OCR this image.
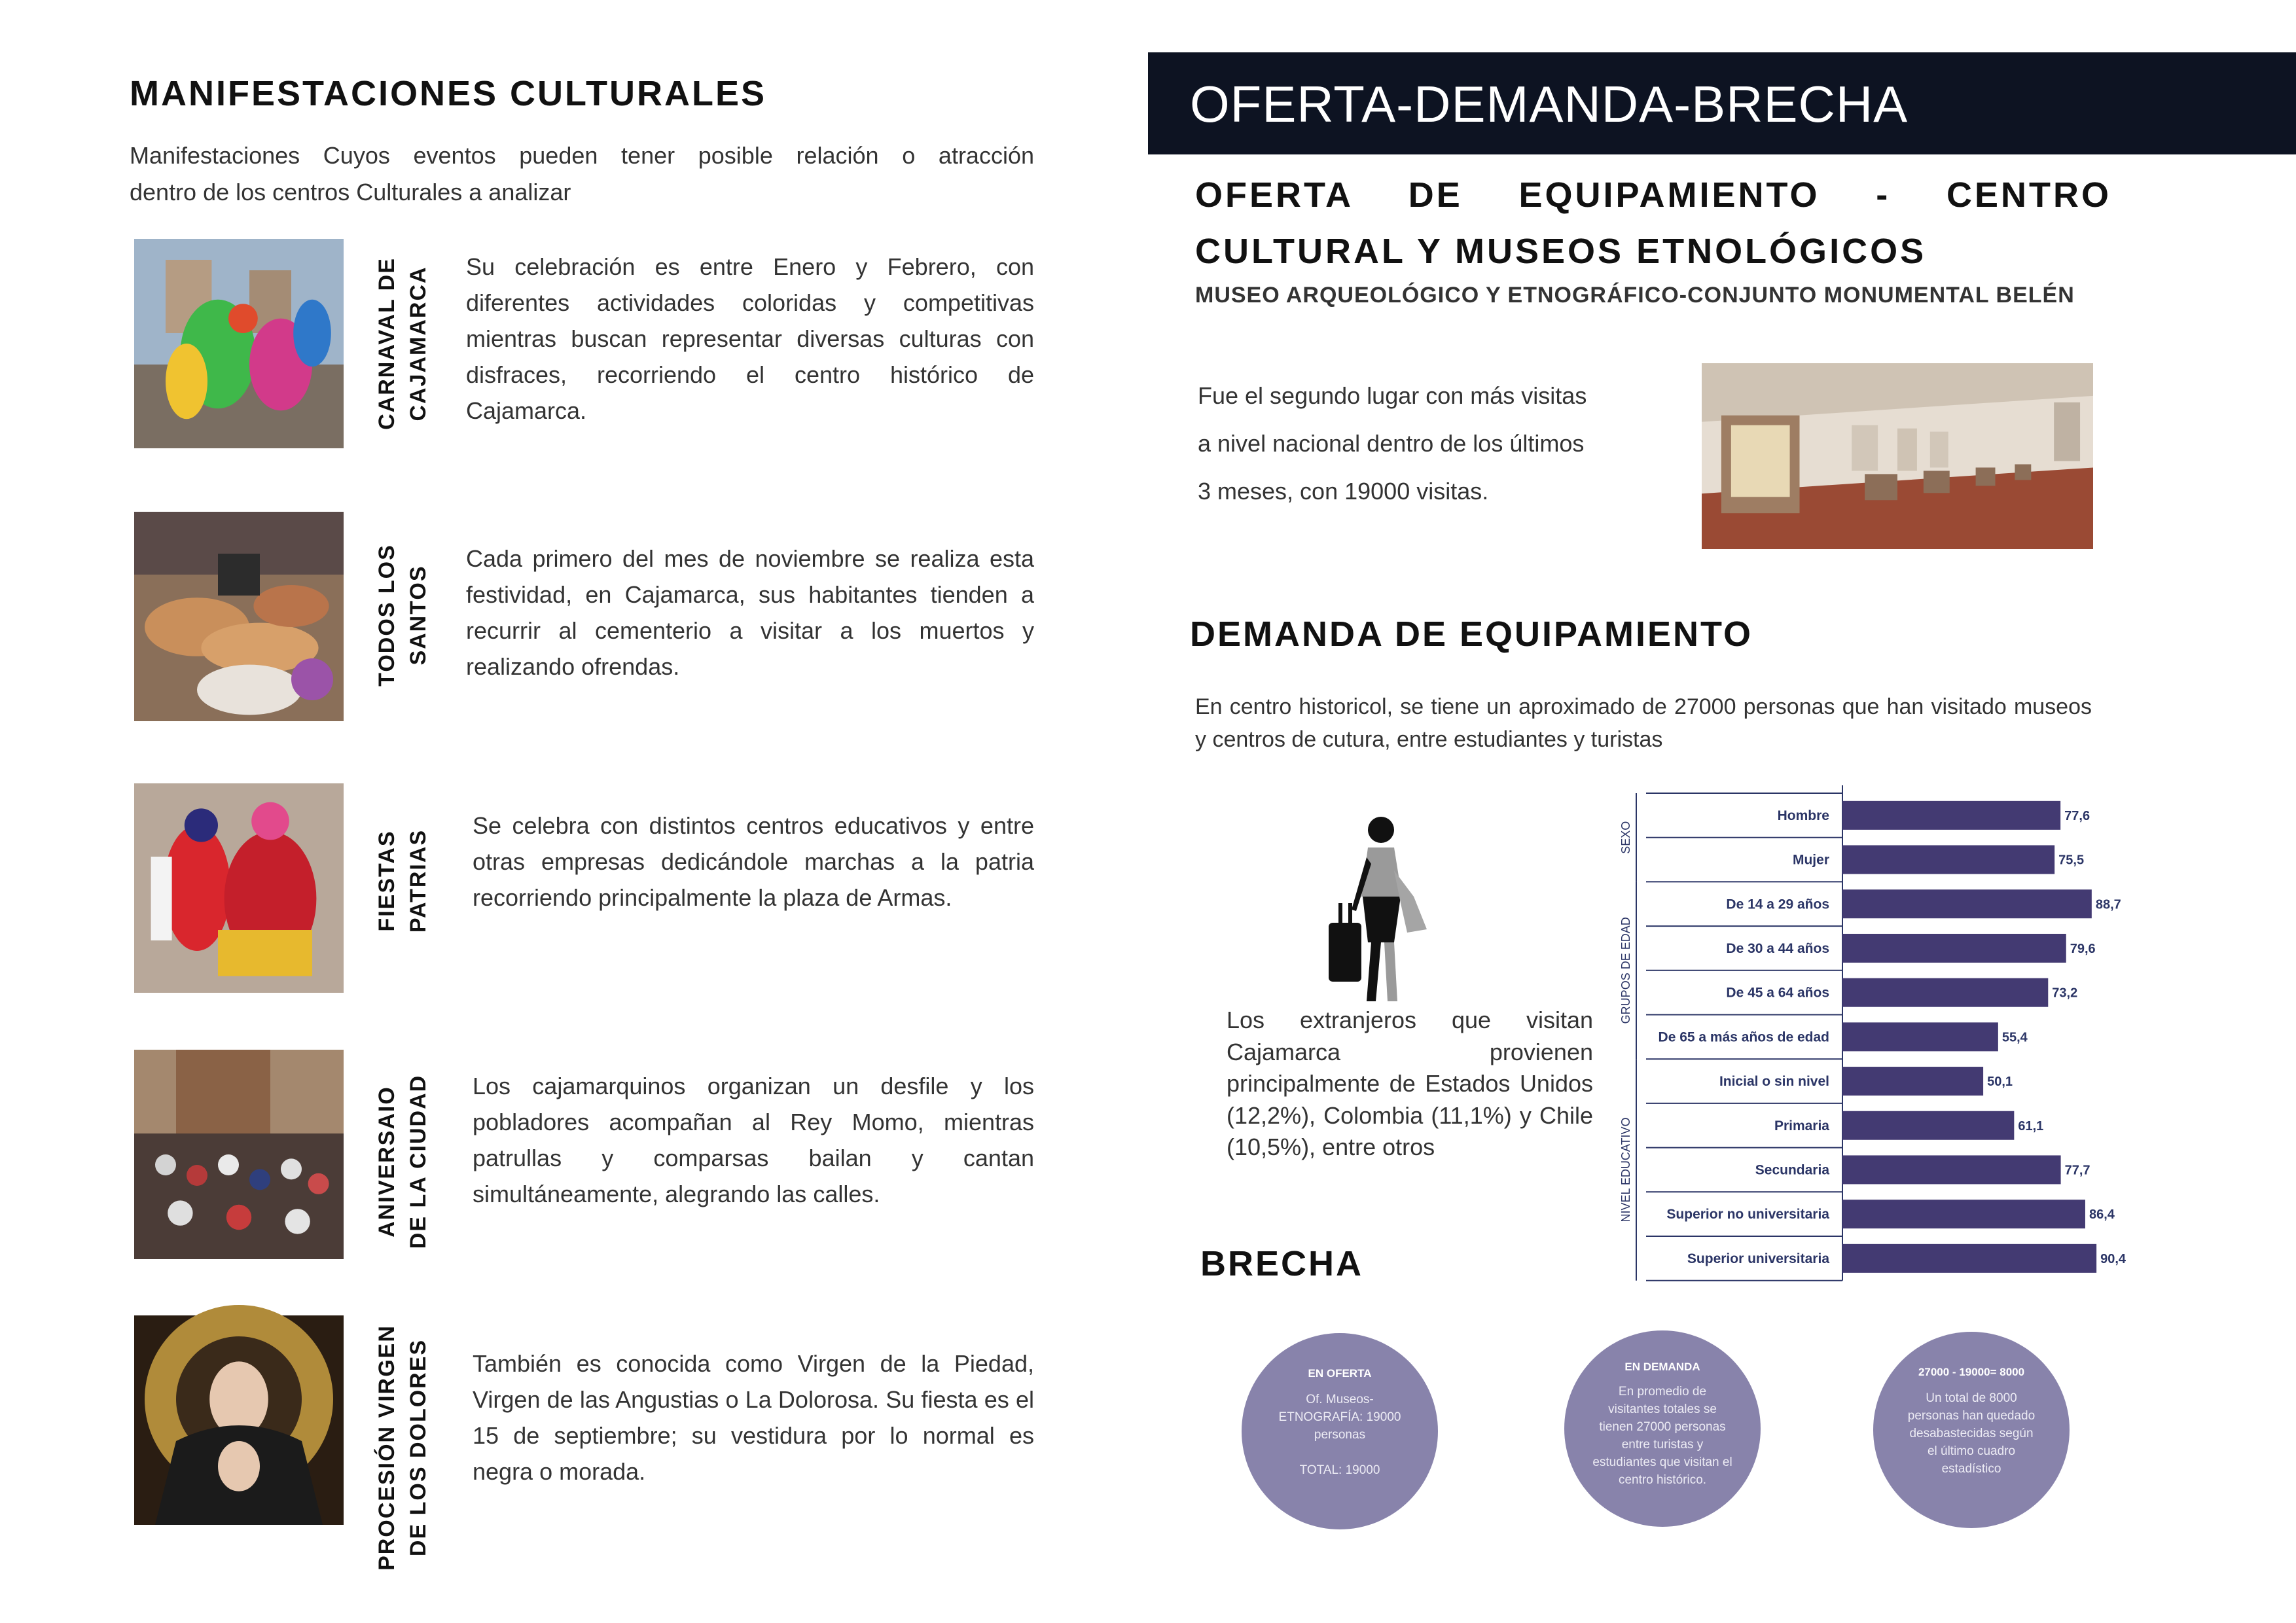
MANIFESTACIONES CULTURALES
Manifestaciones Cuyos eventos pueden tener posible relación o atracción
dentro de los centros Culturales a analizar
CARNAVAL DE CAJAMARCA Su celebración es entre Enero y Febrero, con diferentes actividades coloridas y competitivas mientras buscan representar diversas culturas con disfraces, recorriendo el centro histórico de Cajamarca.
TODOS LOS SANTOS
Cada primero del mes de noviembre se realiza esta festividad, en Cajamarca, sus habitantes tienden a recurrir al cementerio a visitar a los muertos y realizando ofrendas.
FIESTAS PATRIAS
Se celebra con distintos centros educativos y entre otras empresas dedicándole marchas a la patria recorriendo principalmente la plaza de Armas.
ANIVERSAIO DE LA CIUDAD Los cajamarquinos organizan un desfile y los pobladores acompañan al Rey Momo, mientras patrullas y comparsas bailan y cantan simultáneamente, alegrando las calles.
PROCESIÓN VIRGEN DE LOS DOLORES También es conocida como Virgen de la Piedad, Virgen de las Angustias o La Dolorosa. Su fiesta es el 15 de septiembre; su vestidura por lo normal es negra o morada.
OFERTA-DEMANDA-BRECHA
OFERTA DE EQUIPAMIENTO - CENTRO CULTURAL Y MUSEOS ETNOLÓGICOS
MUSEO ARQUEOLÓGICO Y ETNOGRÁFICO-CONJUNTO MONUMENTAL BELÉN
Fue el segundo lugar con más visitas
a nivel nacional dentro de los últimos
3 meses, con 19000 visitas.
DEMANDA DE EQUIPAMIENTO
En centro historicol, se tiene un aproximado de 27000 personas que han visitado museos y centros de cutura, entre estudiantes y turistas
Los extranjeros que visitan Cajamarca provienen principalmente de Estados Unidos (12,2%), Colombia (11,1%) y Chile (10,5%), entre otros
SEXO
GRUPOS DE EDAD
NIVEL EDUCATIVO
Hombre	77,6
Mujer	75,5
De 14 a 29 años	88,7
De 30 a 44 años	79,6
De 45 a 64 años	73,2
De 65 a más años de edad	55,4
Inicial o sin nivel	50,1
Primaria	61,1
Secundaria	77,7
Superior no universitaria	86,4
Superior universitaria	90,4
BRECHA
EN OFERTA
Of. Museos-
ETNOGRAFÍA: 19000
personas
TOTAL: 19000
EN DEMANDA
En promedio de
visitantes totales se
tienen 27000 personas
entre turistas y
estudiantes que visitan el
centro histórico.
27000 - 19000= 8000
Un total de 8000
personas han quedado
desabastecidas según
el último cuadro
estadístico
